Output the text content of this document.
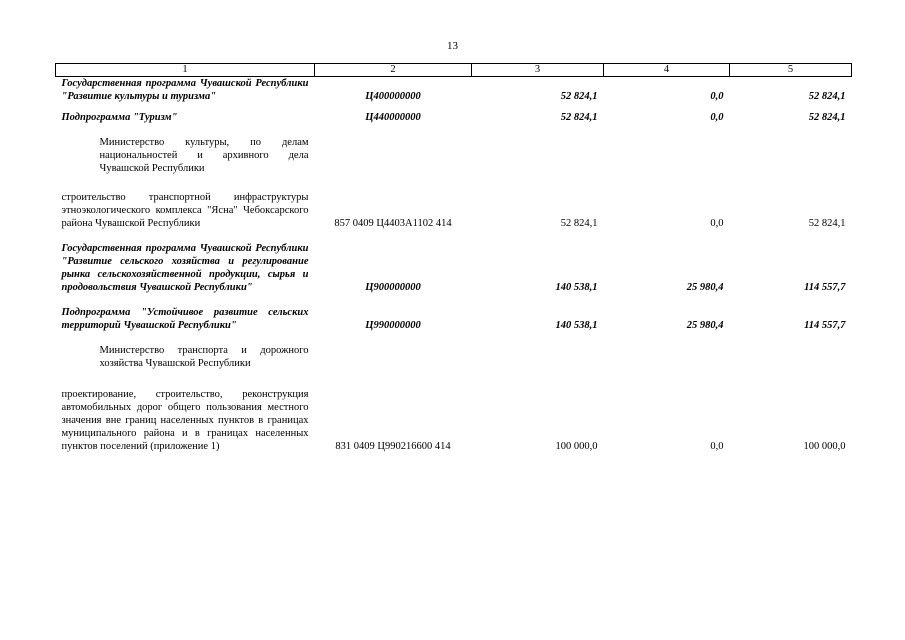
13
1	2	3	4	5
Государственная программа Чувашской Республики "Развитие культуры и туризма"	Ц400000000	52 824,1	0,0	52 824,1

Подпрограмма "Туризм"	Ц440000000	52 824,1	0,0	52 824,1

Министерство культуры, по делам национальностей и архивного дела Чувашской Республики				

строительство транспортной инфраструктуры этноэкологического комплекса "Ясна" Чебоксарского района Чувашской Республики	857 0409 Ц4403A1102 414	52 824,1	0,0	52 824,1

Государственная программа Чувашской Республики "Развитие сельского хозяйства и регулирование рынка сельскохозяйственной продукции, сырья и продовольствия Чувашской Республики"	Ц900000000	140 538,1	25 980,4	114 557,7

Подпрограмма "Устойчивое развитие сельских территорий Чувашской Республики"	Ц990000000	140 538,1	25 980,4	114 557,7

Министерство транспорта и дорожного хозяйства Чувашской Республики				

проектирование, строительство, реконструкция автомобильных дорог общего пользования местного значения вне границ населенных пунктов в границах муниципального района и в границах населенных пунктов поселений (приложение 1)	831 0409 Ц990216600 414	100 000,0	0,0	100 000,0
